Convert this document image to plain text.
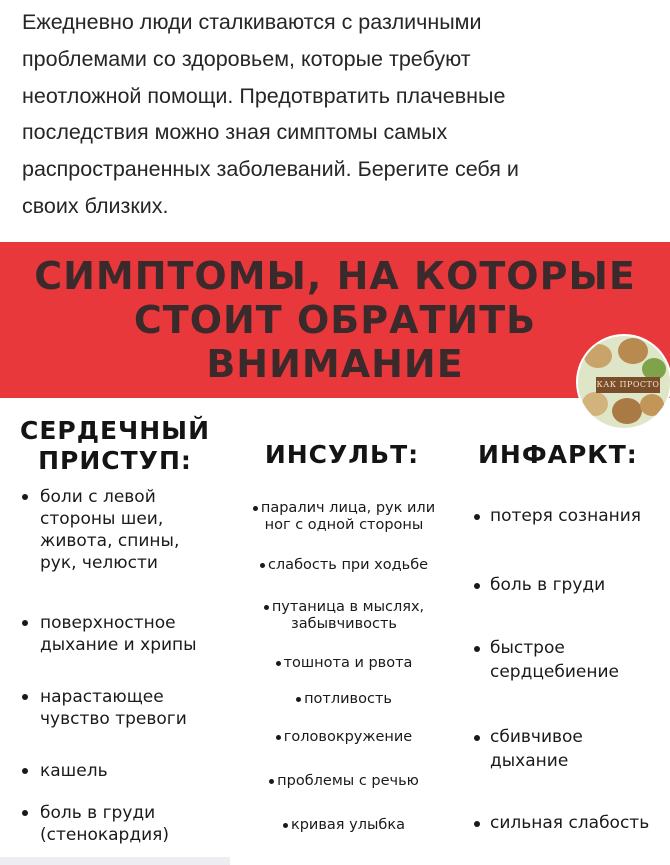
Ежедневно люди сталкиваются с различными
проблемами со здоровьем, которые требуют
неотложной помощи. Предотвратить плачевные
последствия можно зная симптомы самых
распространенных заболеваний. Берегите себя и
своих близких.
СИМПТОМЫ, НА КОТОРЫЕ
СТОИТ ОБРАТИТЬ ВНИМАНИЕ	КАК ПРОСТО
СЕРДЕЧНЫЙ
ПРИСТУП:
боли с левой
стороны шеи,
живота, спины,
рук, челюсти
поверхностное
дыхание и хрипы
нарастающее
чувство тревоги
кашель
боль в груди
(стенокардия)
ИНСУЛЬТ:
паралич лица, рук или
ног с одной стороны
слабость при ходьбе
путаница в мыслях,
забывчивость
тошнота и рвота
потливость
головокружение
проблемы с речью
кривая улыбка
ИНФАРКТ:
потеря сознания
боль в груди
быстрое
сердцебиение
сбивчивое
дыхание
сильная слабость
